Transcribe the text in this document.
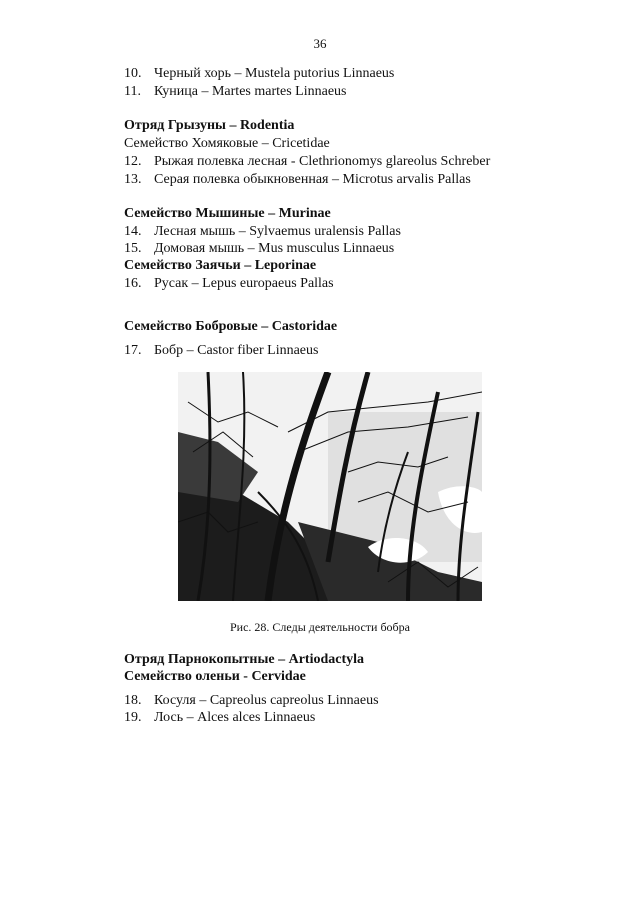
36
10. Черный хорь – Mustela putorius Linnaeus
11. Куница – Martes martes Linnaeus
Отряд Грызуны – Rodentia
Семейство Хомяковые – Cricetidae
12. Рыжая полевка лесная - Clethrionomys glareolus Schreber
13. Серая полевка обыкновенная – Microtus arvalis Pallas
Семейство Мышиные – Murinae
14. Лесная мышь – Sylvaemus uralensis Pallas
15. Домовая мышь – Mus musculus Linnaeus
Семейство Заячьи – Leporinae
16. Русак – Lepus europaeus Pallas
Семейство Бобровые – Castoridae
17. Бобр – Castor fiber Linnaeus
Рис. 28. Следы деятельности бобра
Отряд Парнокопытные – Artiodactyla
Семейство оленьи - Cervidae
18. Косуля – Capreolus capreolus Linnaeus
19. Лось – Alces alces Linnaeus
